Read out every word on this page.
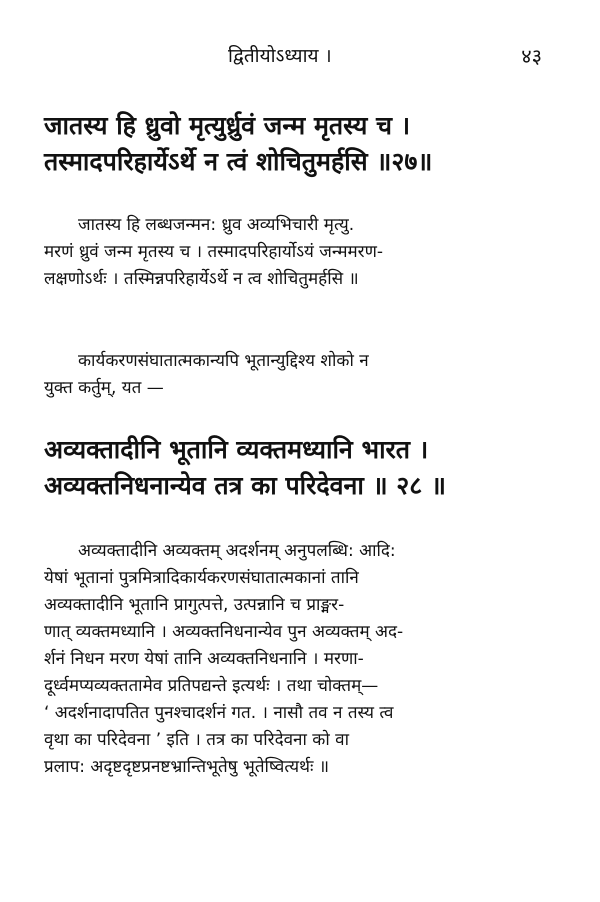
द्वितीयोऽध्याय ।	४३
जातस्य हि ध्रुवो मृत्युर्ध्रुवं जन्म मृतस्य च ।
तस्मादपरिहार्येऽर्थे न त्वं शोचितुमर्हसि ॥२७॥
जातस्य हि लब्धजन्मन: ध्रुव अव्यभिचारी मृत्यु.
मरणं ध्रुवं जन्म मृतस्य च । तस्मादपरिहार्योऽयं जन्ममरण-
लक्षणोऽर्थः । तस्मिन्नपरिहार्येऽर्थे न त्व शोचितुमर्हसि ॥
कार्यकरणसंघातात्मकान्यपि भूतान्युद्दिश्य शोको न
युक्त कर्तुम्, यत —
अव्यक्तादीनि भूतानि व्यक्तमध्यानि भारत ।
अव्यक्तनिधनान्येव तत्र का परिदेवना ॥ २८ ॥
अव्यक्तादीनि अव्यक्तम् अदर्शनम् अनुपलब्धि: आदि:
येषां भूतानां पुत्रमित्रादिकार्यकरणसंघातात्मकानां तानि
अव्यक्तादीनि भूतानि प्रागुत्पत्ते, उत्पन्नानि च प्राङ्मर-
णात् व्यक्तमध्यानि । अव्यक्तनिधनान्येव पुन अव्यक्तम् अद-
र्शनं निधन मरण येषां तानि अव्यक्तनिधनानि । मरणा-
दूर्ध्वमप्यव्यक्ततामेव प्रतिपद्यन्ते इत्यर्थः । तथा चोक्तम्—
‘ अदर्शनादापतित पुनश्चादर्शनं गत. । नासौ तव न तस्य त्व
वृथा का परिदेवना ’ इति । तत्र का परिदेवना को वा
प्रलाप: अदृष्टदृष्टप्रनष्टभ्रान्तिभूतेषु भूतेष्वित्यर्थः ॥
